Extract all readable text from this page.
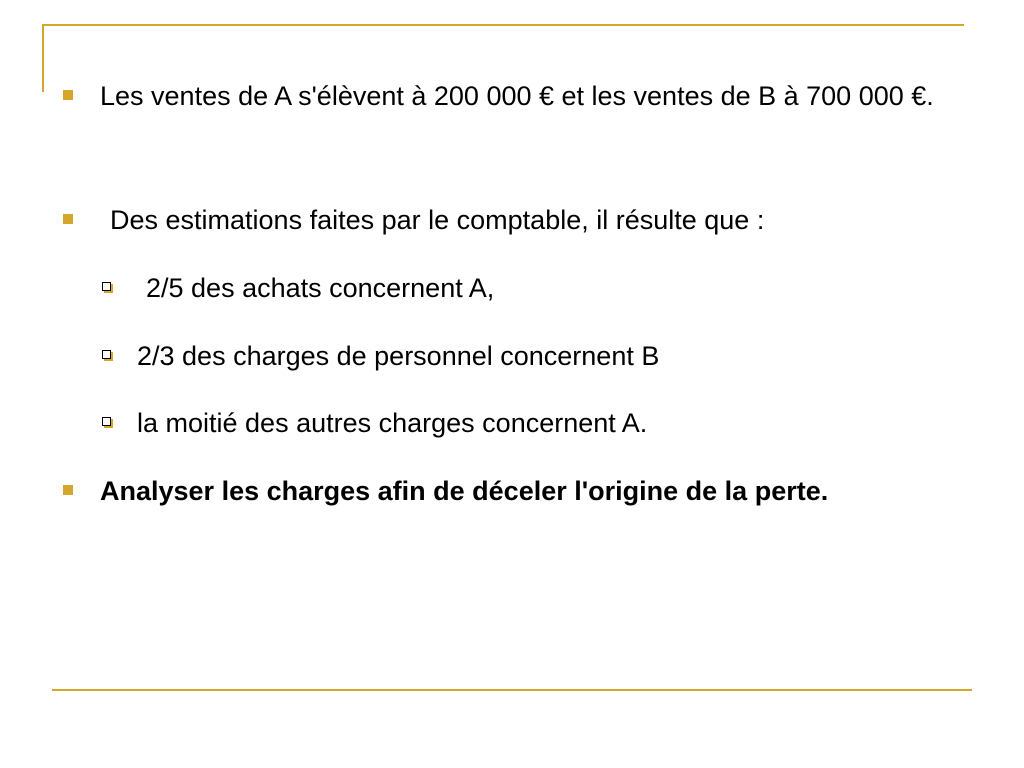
Les ventes de A s'élèvent à 200 000 € et les ventes de B à 700 000 €.
Des estimations faites par le comptable, il résulte que :
2/5 des achats concernent A,
2/3 des charges de personnel concernent B
la moitié des autres charges concernent A.
Analyser les charges afin de déceler l'origine de la perte.
